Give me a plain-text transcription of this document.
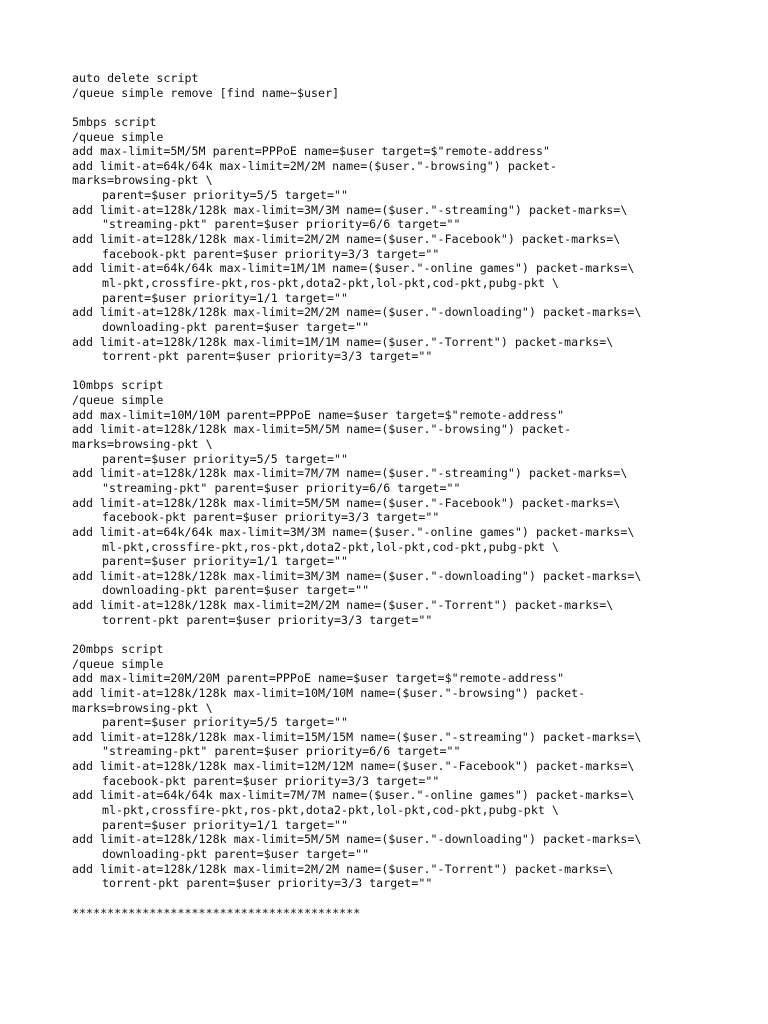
auto delete script
/queue simple remove [find name~$user]
5mbps script
/queue simple
add max-limit=5M/5M parent=PPPoE name=$user target=$"remote-address"
add limit-at=64k/64k max-limit=2M/2M name=($user."-browsing") packet-
marks=browsing-pkt \
parent=$user priority=5/5 target=""
add limit-at=128k/128k max-limit=3M/3M name=($user."-streaming") packet-marks=\
"streaming-pkt" parent=$user priority=6/6 target=""
add limit-at=128k/128k max-limit=2M/2M name=($user."-Facebook") packet-marks=\
facebook-pkt parent=$user priority=3/3 target=""
add limit-at=64k/64k max-limit=1M/1M name=($user."-online games") packet-marks=\
ml-pkt,crossfire-pkt,ros-pkt,dota2-pkt,lol-pkt,cod-pkt,pubg-pkt \
parent=$user priority=1/1 target=""
add limit-at=128k/128k max-limit=2M/2M name=($user."-downloading") packet-marks=\
downloading-pkt parent=$user target=""
add limit-at=128k/128k max-limit=1M/1M name=($user."-Torrent") packet-marks=\
torrent-pkt parent=$user priority=3/3 target=""
10mbps script
/queue simple
add max-limit=10M/10M parent=PPPoE name=$user target=$"remote-address"
add limit-at=128k/128k max-limit=5M/5M name=($user."-browsing") packet-
marks=browsing-pkt \
parent=$user priority=5/5 target=""
add limit-at=128k/128k max-limit=7M/7M name=($user."-streaming") packet-marks=\
"streaming-pkt" parent=$user priority=6/6 target=""
add limit-at=128k/128k max-limit=5M/5M name=($user."-Facebook") packet-marks=\
facebook-pkt parent=$user priority=3/3 target=""
add limit-at=64k/64k max-limit=3M/3M name=($user."-online games") packet-marks=\
ml-pkt,crossfire-pkt,ros-pkt,dota2-pkt,lol-pkt,cod-pkt,pubg-pkt \
parent=$user priority=1/1 target=""
add limit-at=128k/128k max-limit=3M/3M name=($user."-downloading") packet-marks=\
downloading-pkt parent=$user target=""
add limit-at=128k/128k max-limit=2M/2M name=($user."-Torrent") packet-marks=\
torrent-pkt parent=$user priority=3/3 target=""
20mbps script
/queue simple
add max-limit=20M/20M parent=PPPoE name=$user target=$"remote-address"
add limit-at=128k/128k max-limit=10M/10M name=($user."-browsing") packet-
marks=browsing-pkt \
parent=$user priority=5/5 target=""
add limit-at=128k/128k max-limit=15M/15M name=($user."-streaming") packet-marks=\
"streaming-pkt" parent=$user priority=6/6 target=""
add limit-at=128k/128k max-limit=12M/12M name=($user."-Facebook") packet-marks=\
facebook-pkt parent=$user priority=3/3 target=""
add limit-at=64k/64k max-limit=7M/7M name=($user."-online games") packet-marks=\
ml-pkt,crossfire-pkt,ros-pkt,dota2-pkt,lol-pkt,cod-pkt,pubg-pkt \
parent=$user priority=1/1 target=""
add limit-at=128k/128k max-limit=5M/5M name=($user."-downloading") packet-marks=\
downloading-pkt parent=$user target=""
add limit-at=128k/128k max-limit=2M/2M name=($user."-Torrent") packet-marks=\
torrent-pkt parent=$user priority=3/3 target=""
*****************************************
